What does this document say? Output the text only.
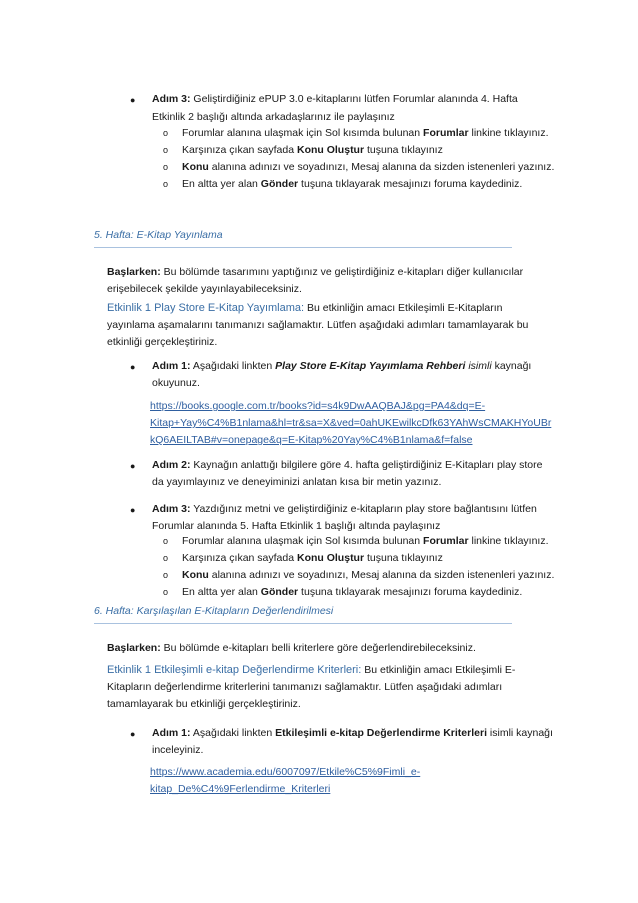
● Adım 3: Geliştirdiğiniz ePUP 3.0 e-kitaplarını lütfen Forumlar alanında 4. Hafta
Etkinlik 2 başlığı altında arkadaşlarınız ile paylaşınız
o Forumlar alanına ulaşmak için Sol kısımda bulunan Forumlar linkine tıklayınız.
o Karşınıza çıkan sayfada Konu Oluştur tuşuna tıklayınız
o Konu alanına adınızı ve soyadınızı, Mesaj alanına da sizden istenenleri yazınız.
o En altta yer alan Gönder tuşuna tıklayarak mesajınızı foruma kaydediniz.
5. Hafta: E-Kitap Yayınlama
Başlarken: Bu bölümde tasarımını yaptığınız ve geliştirdiğiniz e-kitapları diğer kullanıcılar
erişebilecek şekilde yayınlayabileceksiniz.
Etkinlik 1 Play Store E-Kitap Yayımlama: Bu etkinliğin amacı Etkileşimli E-Kitapların
yayınlama aşamalarını tanımanızı sağlamaktır. Lütfen aşağıdaki adımları tamamlayarak bu
etkinliği gerçekleştiriniz.
● Adım 1: Aşağıdaki linkten Play Store E-Kitap Yayımlama Rehberi isimli kaynağı
okuyunuz.
https://books.google.com.tr/books?id=s4k9DwAAQBAJ&pg=PA4&dq=E-
Kitap+Yay%C4%B1nlama&hl=tr&sa=X&ved=0ahUKEwilkcDfk63YAhWsCMAKHYoUBr
kQ6AEILTAB#v=onepage&q=E-Kitap%20Yay%C4%B1nlama&f=false
● Adım 2: Kaynağın anlattığı bilgilere göre 4. hafta geliştirdiğiniz E-Kitapları play store
da yayımlayınız ve deneyiminizi anlatan kısa bir metin yazınız.
● Adım 3: Yazdığınız metni ve geliştirdiğiniz e-kitapların play store bağlantısını lütfen
Forumlar alanında 5. Hafta Etkinlik 1 başlığı altında paylaşınız
o Forumlar alanına ulaşmak için Sol kısımda bulunan Forumlar linkine tıklayınız.
o Karşınıza çıkan sayfada Konu Oluştur tuşuna tıklayınız
o Konu alanına adınızı ve soyadınızı, Mesaj alanına da sizden istenenleri yazınız.
o En altta yer alan Gönder tuşuna tıklayarak mesajınızı foruma kaydediniz.
6. Hafta: Karşılaşılan E-Kitapların Değerlendirilmesi
Başlarken: Bu bölümde e-kitapları belli kriterlere göre değerlendirebileceksiniz.
Etkinlik 1 Etkileşimli e-kitap Değerlendirme Kriterleri: Bu etkinliğin amacı Etkileşimli E-
Kitapların değerlendirme kriterlerini tanımanızı sağlamaktır. Lütfen aşağıdaki adımları
tamamlayarak bu etkinliği gerçekleştiriniz.
● Adım 1: Aşağıdaki linkten Etkileşimli e-kitap Değerlendirme Kriterleri isimli kaynağı
inceleyiniz.
https://www.academia.edu/6007097/Etkile%C5%9Fimli_e-
kitap_De%C4%9Ferlendirme_Kriterleri
